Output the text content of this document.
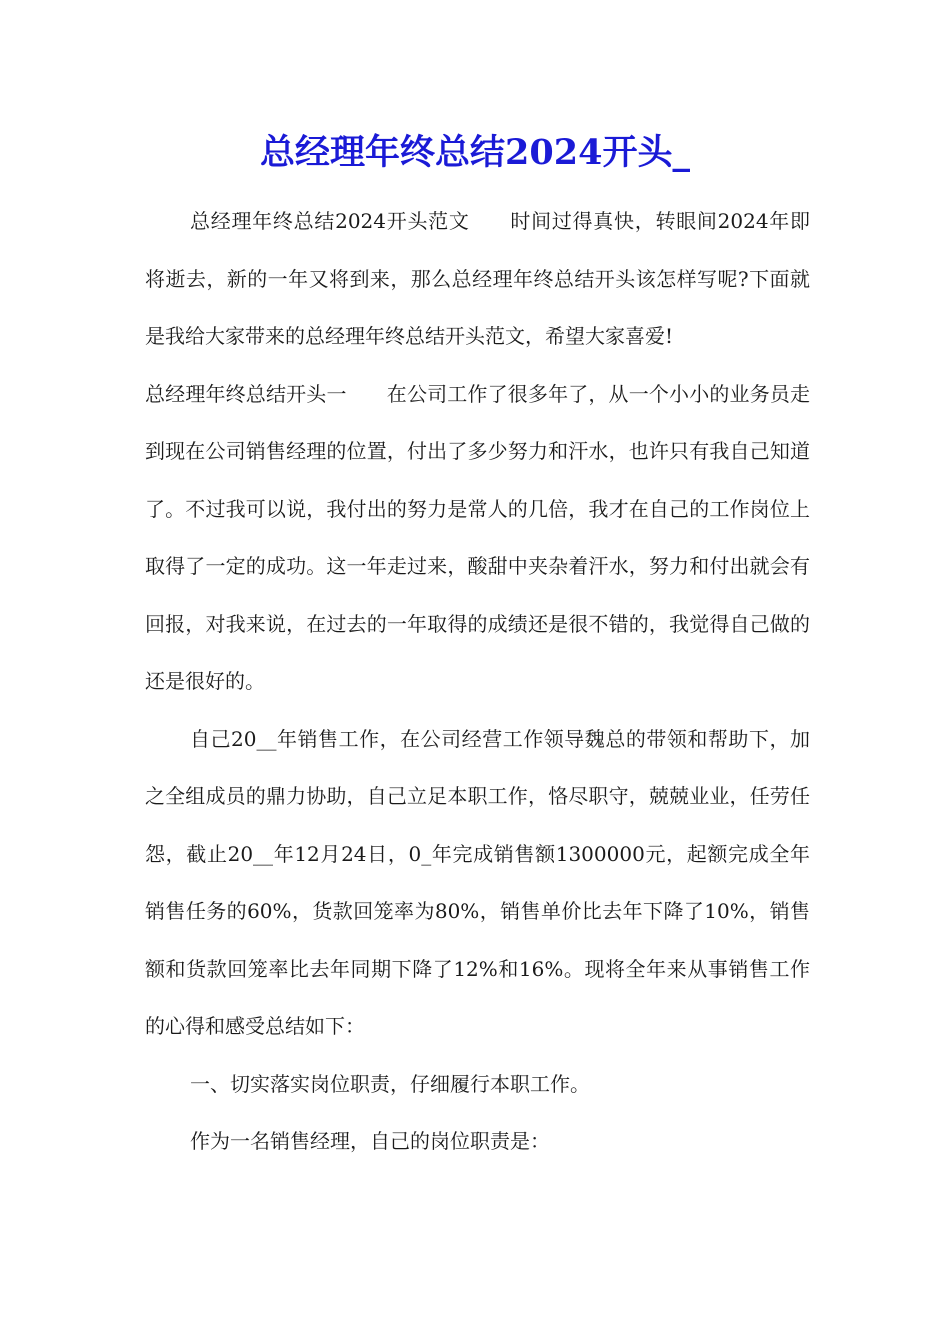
总经理年终总结2024开头_

总经理年终总结2024开头范文 时间过得真快，转眼间2024年即将逝去，新的一年又将到来，那么总经理年终总结开头该怎样写呢?下面就是我给大家带来的总经理年终总结开头范文，希望大家喜爱!

总经理年终总结开头一 在公司工作了很多年了，从一个小小的业务员走到现在公司销售经理的位置，付出了多少努力和汗水，也许只有我自己知道了。不过我可以说，我付出的努力是常人的几倍，我才在自己的工作岗位上取得了一定的成功。这一年走过来，酸甜中夹杂着汗水，努力和付出就会有回报，对我来说，在过去的一年取得的成绩还是很不错的，我觉得自己做的还是很好的。

自己20__年销售工作，在公司经营工作领导魏总的带领和帮助下，加之全组成员的鼎力协助，自己立足本职工作，恪尽职守，兢兢业业，任劳任怨，截止20__年12月24日，0_年完成销售额1300000元，起额完成全年销售任务的60%，货款回笼率为80%，销售单价比去年下降了10%，销售额和货款回笼率比去年同期下降了12%和16%。现将全年来从事销售工作的心得和感受总结如下：

一、切实落实岗位职责，仔细履行本职工作。

作为一名销售经理，自己的岗位职责是：
